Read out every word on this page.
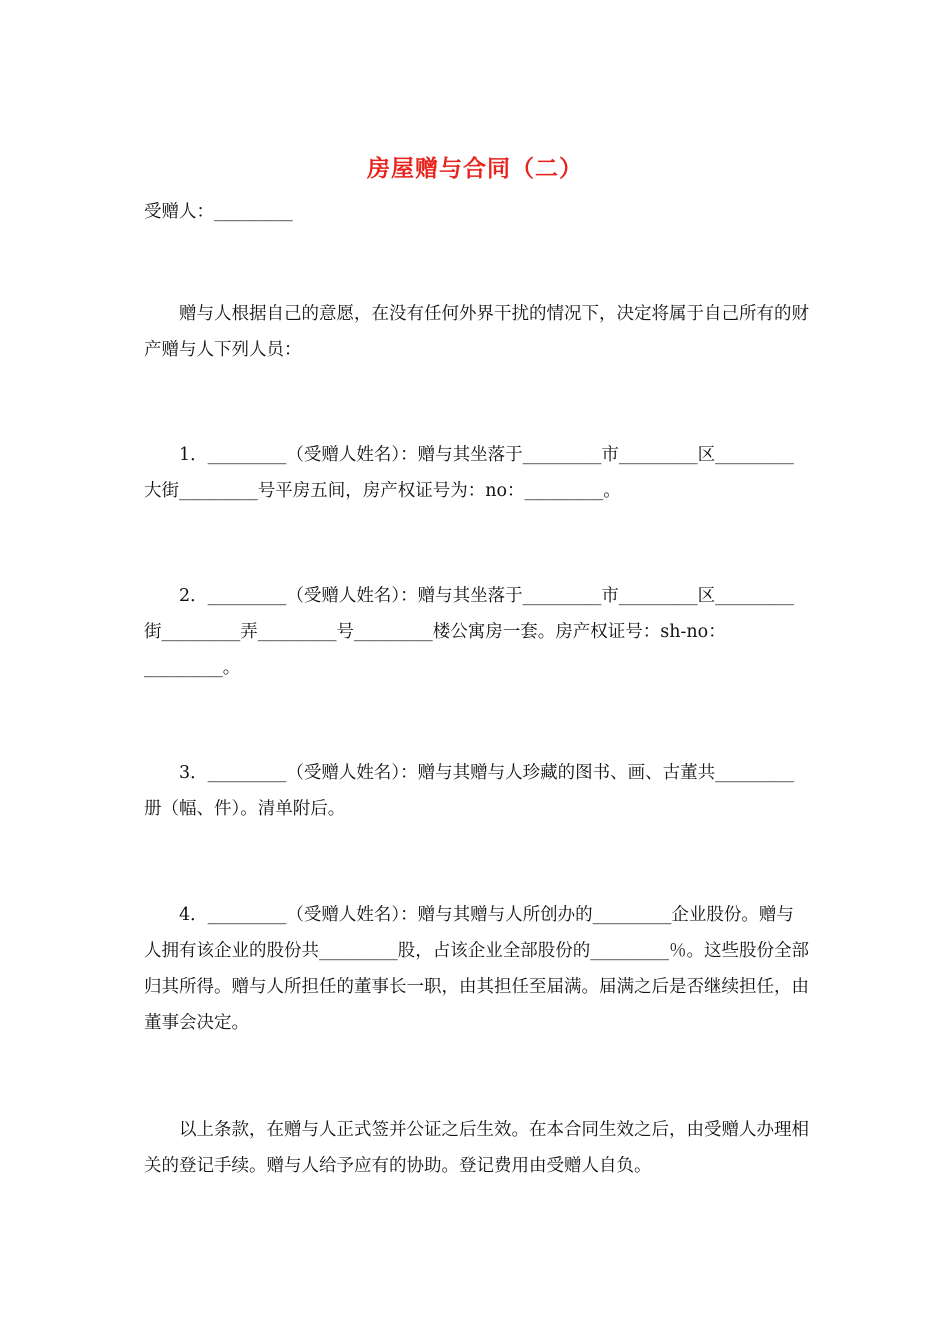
房屋赠与合同（二）
受赠人：_________
赠与人根据自己的意愿，在没有任何外界干扰的情况下，决定将属于自己所有的财产赠与人下列人员：
1．_________（受赠人姓名）：赠与其坐落于_________市_________区_________大街_________号平房五间，房产权证号为：no：_________。
2．_________（受赠人姓名）：赠与其坐落于_________市_________区_________街_________弄_________号_________楼公寓房一套。房产权证号：sh-no：_________。
3．_________（受赠人姓名）：赠与其赠与人珍藏的图书、画、古董共_________册（幅、件）。清单附后。
4．_________（受赠人姓名）：赠与其赠与人所创办的_________企业股份。赠与人拥有该企业的股份共_________股，占该企业全部股份的_________％。这些股份全部归其所得。赠与人所担任的董事长一职，由其担任至届满。届满之后是否继续担任，由董事会决定。
以上条款，在赠与人正式签并公证之后生效。在本合同生效之后，由受赠人办理相关的登记手续。赠与人给予应有的协助。登记费用由受赠人自负。
